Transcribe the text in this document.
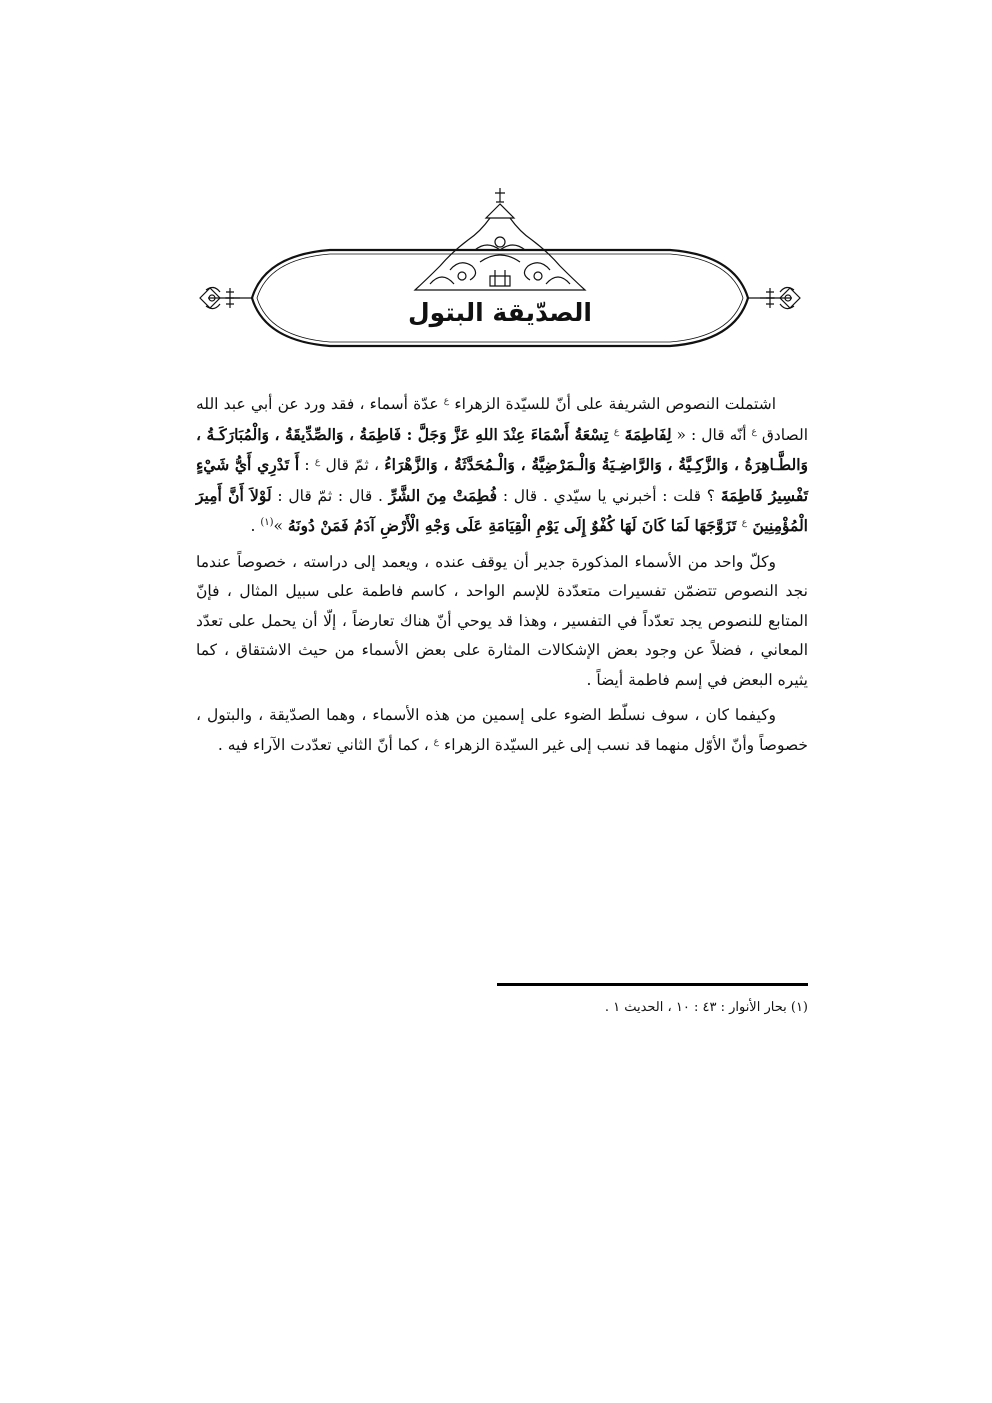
الصدّيقة البتول

اشتملت النصوص الشريفة على أنّ للسيّدة الزهراء $^ع$ عدّة أسماء ، فقد ورد عن أبي عبد الله الصادق $^ع$ أنّه قال : « لِفَاطِمَةَ $^ع$ تِسْعَةُ أَسْمَاءَ عِنْدَ اللهِ عَزَّ وَجَلَّ : فَاطِمَةُ ، وَالصِّدِّيقَةُ ، وَالْمُبَارَكَـةُ ، وَالطَّـاهِرَةُ ، وَالزَّكِـيَّةُ ، وَالرَّاضِـيَةُ وَالْـمَرْضِيَّةُ ، وَالْـمُحَدَّثَةُ ، وَالزَّهْرَاءُ ، ثمّ قال $^ع$ : أَ تَدْرِي أَيُّ شَيْءٍ تَفْسِيرُ فَاطِمَةَ ؟ قلت : أخبرني يا سيّدي . قال : فُطِمَتْ مِنَ الشَّرِّ . قال : ثمّ قال : لَوْلاَ أَنَّ أَمِيرَ الْمُؤْمِنِينَ $^ع$ تَزَوَّجَهَا لَمَا كَانَ لَهَا كُفْوٌ إِلَى يَوْمِ الْقِيَامَةِ عَلَى وَجْهِ الْأَرْضِ آدَمُ فَمَنْ دُونَهُ »$^{(١)}$ .

وكلّ واحد من الأسماء المذكورة جدير أن يوقف عنده ، ويعمد إلى دراسته ، خصوصاً عندما نجد النصوص تتضمّن تفسيرات متعدّدة للإسم الواحد ، كاسم فاطمة على سبيل المثال ، فإنّ المتابع للنصوص يجد تعدّداً في التفسير ، وهذا قد يوحي أنّ هناك تعارضاً ، إلّا أن يحمل على تعدّد المعاني ، فضلاً عن وجود بعض الإشكالات المثارة على بعض الأسماء من حيث الاشتقاق ، كما يثيره البعض في إسم فاطمة أيضاً .

وكيفما كان ، سوف نسلّط الضوء على إسمين من هذه الأسماء ، وهما الصدّيقة ، والبتول ، خصوصاً وأنّ الأوّل منهما قد نسب إلى غير السيّدة الزهراء $^ع$ ، كما أنّ الثاني تعدّدت الآراء فيه .

(١) بحار الأنوار : ٤٣ : ١٠ ، الحديث ١ .
